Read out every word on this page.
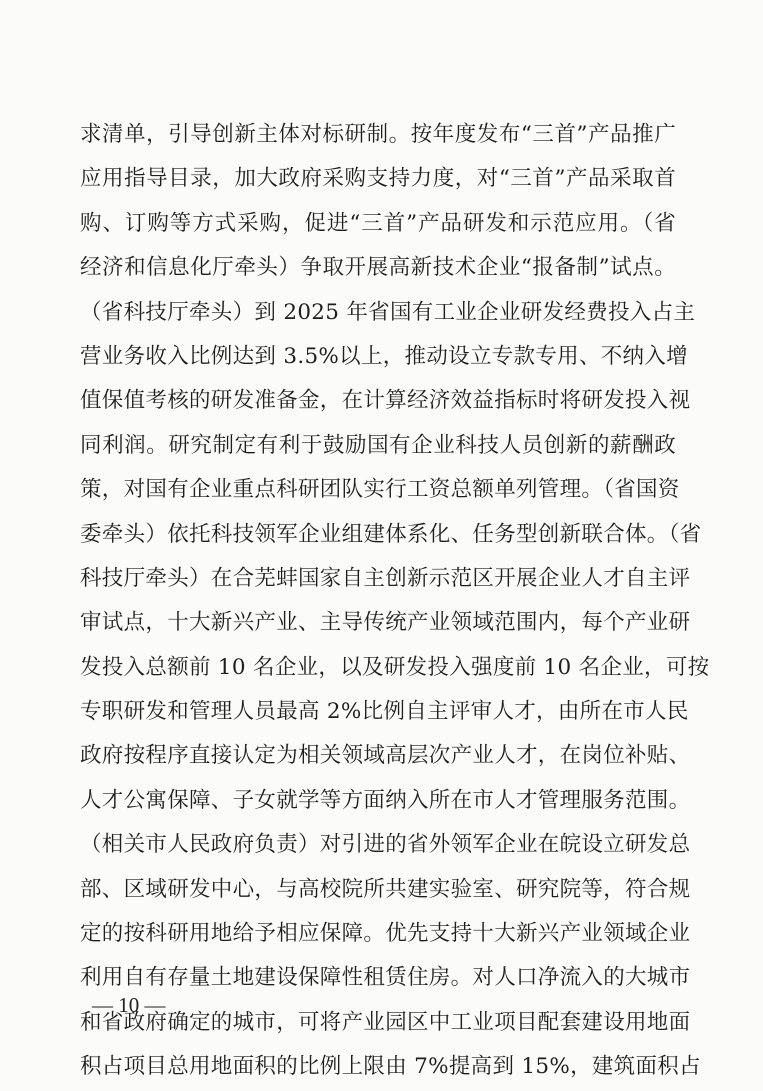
求清单，引导创新主体对标研制。按年度发布“三首”产品推广
应用指导目录，加大政府采购支持力度，对“三首”产品采取首
购、订购等方式采购，促进“三首”产品研发和示范应用。（省
经济和信息化厅牵头）争取开展高新技术企业“报备制”试点。
（省科技厅牵头）到 2025 年省国有工业企业研发经费投入占主
营业务收入比例达到 3.5%以上，推动设立专款专用、不纳入增
值保值考核的研发准备金，在计算经济效益指标时将研发投入视
同利润。研究制定有利于鼓励国有企业科技人员创新的薪酬政
策，对国有企业重点科研团队实行工资总额单列管理。（省国资
委牵头）依托科技领军企业组建体系化、任务型创新联合体。（省
科技厅牵头）在合芜蚌国家自主创新示范区开展企业人才自主评
审试点，十大新兴产业、主导传统产业领域范围内，每个产业研
发投入总额前 10 名企业，以及研发投入强度前 10 名企业，可按
专职研发和管理人员最高 2%比例自主评审人才，由所在市人民
政府按程序直接认定为相关领域高层次产业人才，在岗位补贴、
人才公寓保障、子女就学等方面纳入所在市人才管理服务范围。
（相关市人民政府负责）对引进的省外领军企业在皖设立研发总
部、区域研发中心，与高校院所共建实验室、研究院等，符合规
定的按科研用地给予相应保障。优先支持十大新兴产业领域企业
利用自有存量土地建设保障性租赁住房。对人口净流入的大城市
和省政府确定的城市，可将产业园区中工业项目配套建设用地面
积占项目总用地面积的比例上限由 7%提高到 15%，建筑面积占
— 10 —
